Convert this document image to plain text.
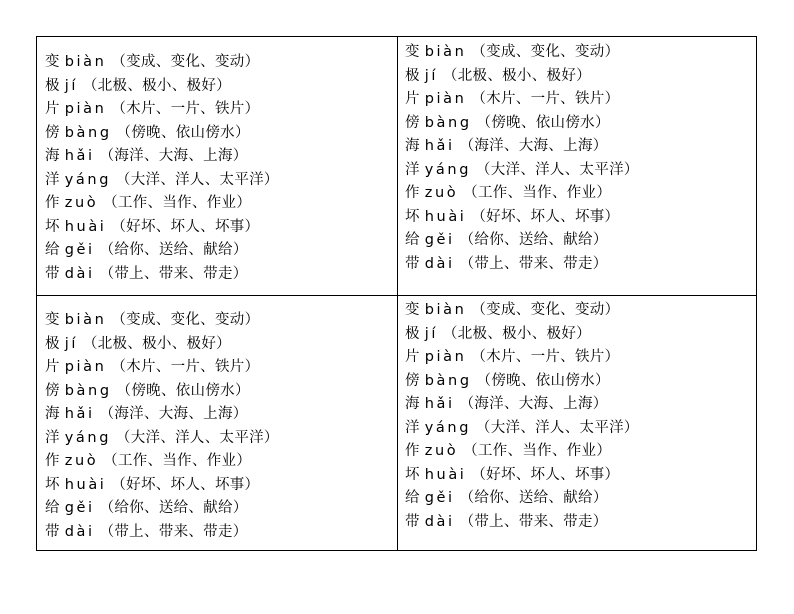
变 biàn （变成、变化、变动）
极 jí （北极、极小、极好）
片 piàn （木片、一片、铁片）
傍 bàng （傍晚、依山傍水）
海 hǎi （海洋、大海、上海）
洋 yáng （大洋、洋人、太平洋）
作 zuò （工作、当作、作业）
坏 huài （好坏、坏人、坏事）
给 gěi （给你、送给、献给）
带 dài （带上、带来、带走）
变 biàn （变成、变化、变动）
极 jí （北极、极小、极好）
片 piàn （木片、一片、铁片）
傍 bàng （傍晚、依山傍水）
海 hǎi （海洋、大海、上海）
洋 yáng （大洋、洋人、太平洋）
作 zuò （工作、当作、作业）
坏 huài （好坏、坏人、坏事）
给 gěi （给你、送给、献给）
带 dài （带上、带来、带走）
变 biàn （变成、变化、变动）
极 jí （北极、极小、极好）
片 piàn （木片、一片、铁片）
傍 bàng （傍晚、依山傍水）
海 hǎi （海洋、大海、上海）
洋 yáng （大洋、洋人、太平洋）
作 zuò （工作、当作、作业）
坏 huài （好坏、坏人、坏事）
给 gěi （给你、送给、献给）
带 dài （带上、带来、带走）
变 biàn （变成、变化、变动）
极 jí （北极、极小、极好）
片 piàn （木片、一片、铁片）
傍 bàng （傍晚、依山傍水）
海 hǎi （海洋、大海、上海）
洋 yáng （大洋、洋人、太平洋）
作 zuò （工作、当作、作业）
坏 huài （好坏、坏人、坏事）
给 gěi （给你、送给、献给）
带 dài （带上、带来、带走）
